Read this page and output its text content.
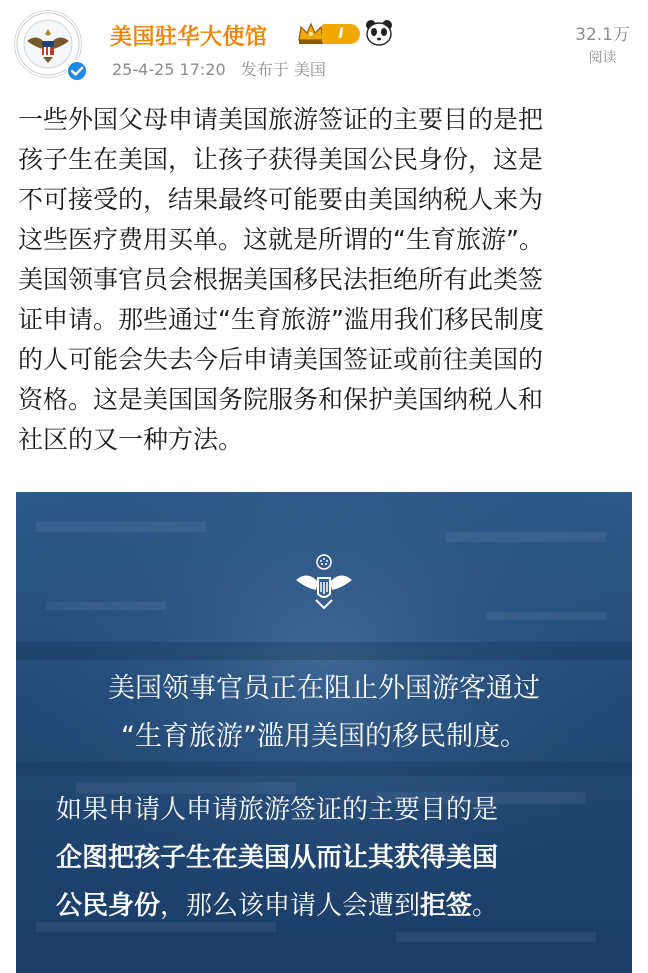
美国驻华大使馆	I
25-4-25 17:20 发布于 美国
32.1万
阅读
一些外国父母申请美国旅游签证的主要目的是把
孩子生在美国，让孩子获得美国公民身份，这是
不可接受的，结果最终可能要由美国纳税人来为
这些医疗费用买单。这就是所谓的“生育旅游”。
美国领事官员会根据美国移民法拒绝所有此类签
证申请。那些通过“生育旅游”滥用我们移民制度
的人可能会失去今后申请美国签证或前往美国的
资格。这是美国国务院服务和保护美国纳税人和
社区的又一种方法。
美国领事官员正在阻止外国游客通过
“生育旅游”滥用美国的移民制度。
如果申请人申请旅游签证的主要目的是
企图把孩子生在美国从而让其获得美国
公民身份，那么该申请人会遭到拒签。
